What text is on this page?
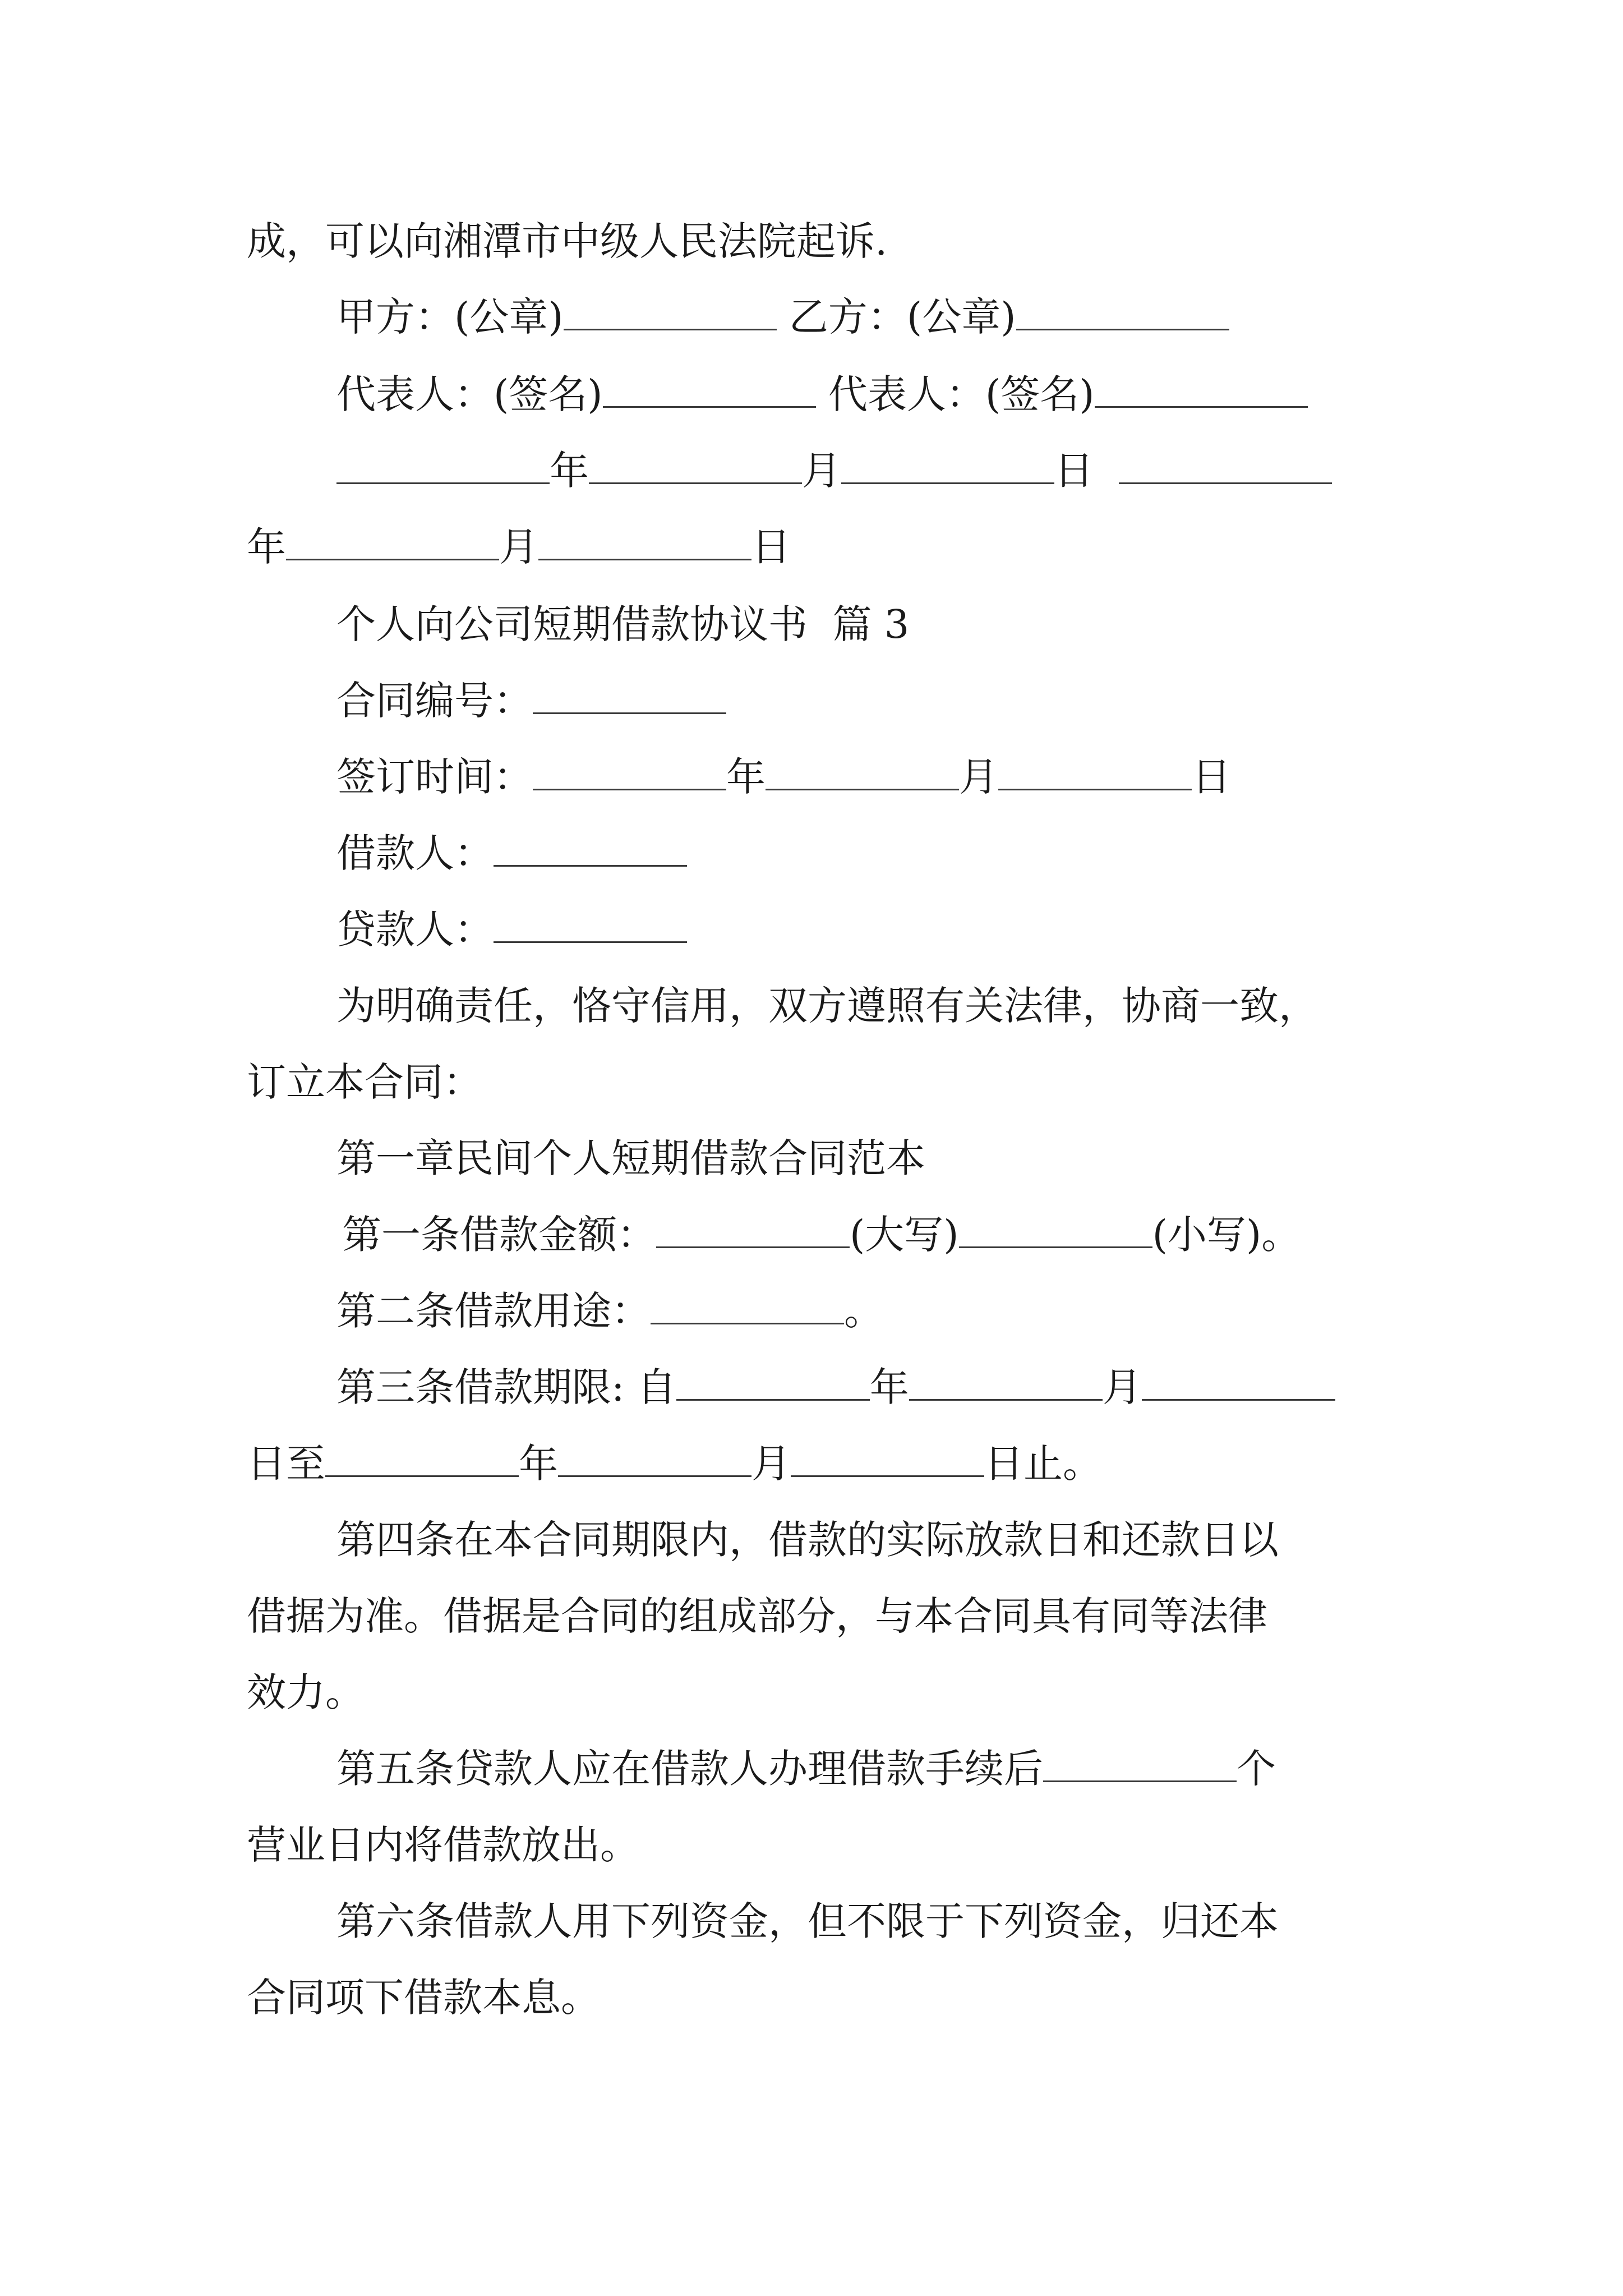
成，可以向湘潭市中级人民法院起诉.
甲方：(公章)	乙方：(公章)
代表人：(签名)	代表人：(签名)
年	月	日
年	月	日
个人向公司短期借款协议书  篇 3
合同编号：
签订时间：	年	月	日
借款人：
贷款人：
为明确责任，恪守信用，双方遵照有关法律，协商一致，
订立本合同：
第一章民间个人短期借款合同范本
第一条借款金额：	(大写)	(小写)。
第二条借款用途：	。
第三条借款期限: 自	年	月
日至	年	月	日止。
第四条在本合同期限内，借款的实际放款日和还款日以
借据为准。借据是合同的组成部分，与本合同具有同等法律
效力。
第五条贷款人应在借款人办理借款手续后	个
营业日内将借款放出。
第六条借款人用下列资金，但不限于下列资金，归还本
合同项下借款本息。
